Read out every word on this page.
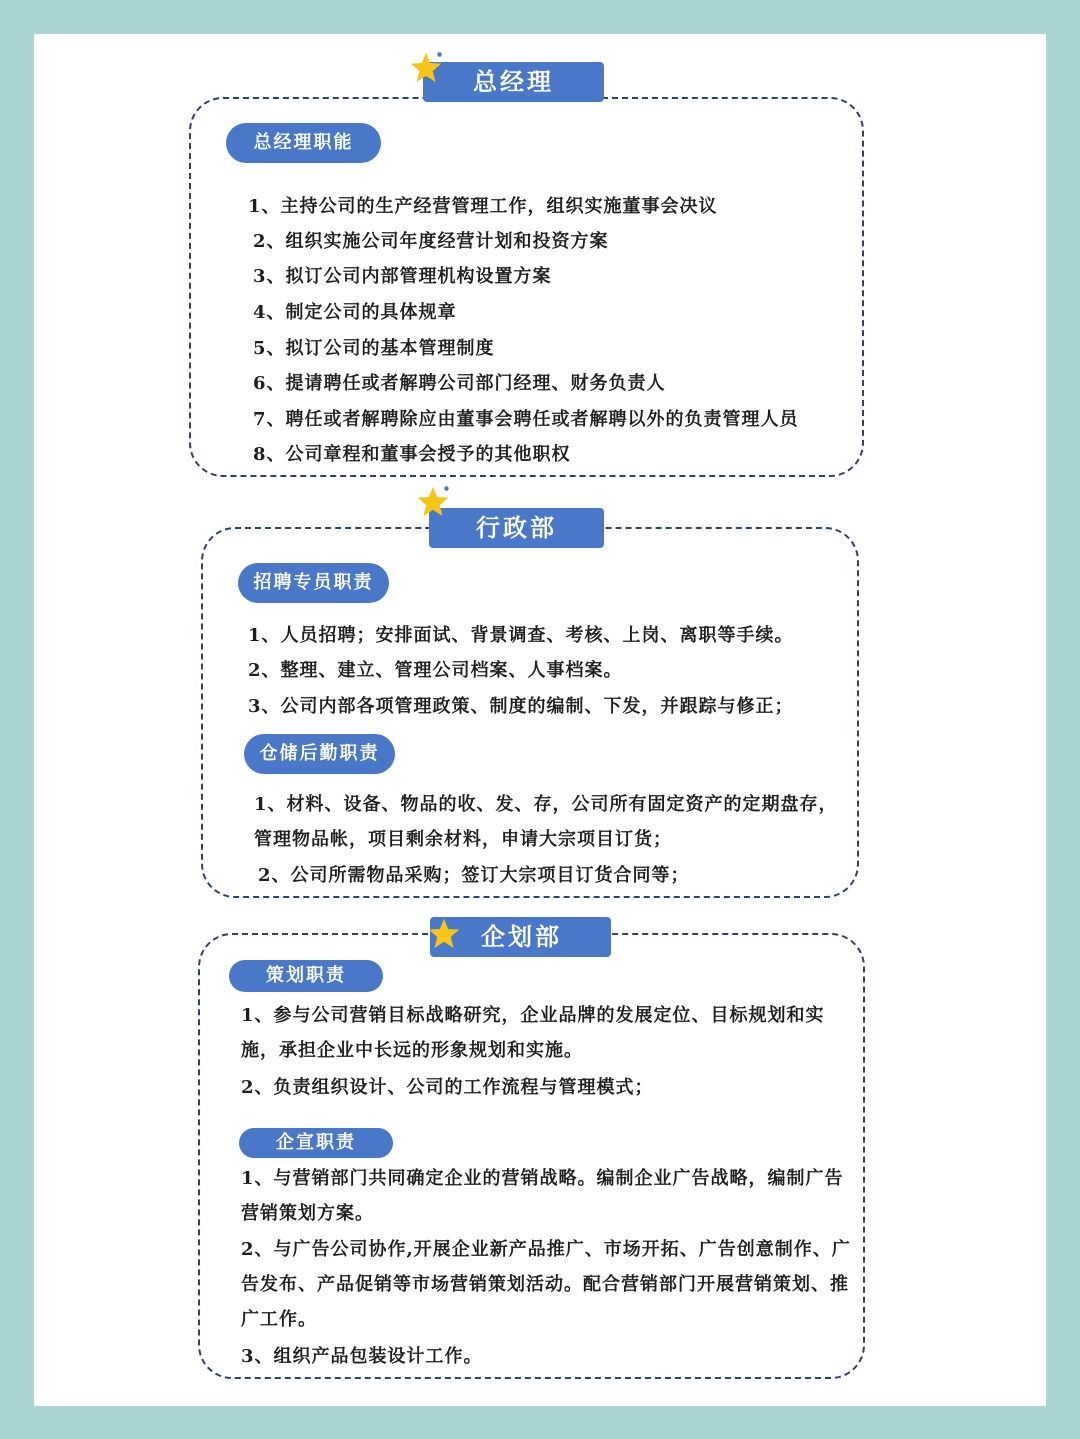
总经理
总经理职能
1、主持公司的生产经营管理工作，组织实施董事会决议
2、组织实施公司年度经营计划和投资方案
3、拟订公司内部管理机构设置方案
4、制定公司的具体规章
5、拟订公司的基本管理制度
6、提请聘任或者解聘公司部门经理、财务负责人
7、聘任或者解聘除应由董事会聘任或者解聘以外的负责管理人员
8、公司章程和董事会授予的其他职权
行政部
招聘专员职责
1、人员招聘；安排面试、背景调查、考核、上岗、离职等手续。
2、整理、建立、管理公司档案、人事档案。
3、公司内部各项管理政策、制度的编制、下发，并跟踪与修正；
仓储后勤职责
1、材料、设备、物品的收、发、存，公司所有固定资产的定期盘存，管理物品帐，项目剩余材料，申请大宗项目订货；
2、公司所需物品采购；签订大宗项目订货合同等；
企划部
策划职责
1、参与公司营销目标战略研究，企业品牌的发展定位、目标规划和实施，承担企业中长远的形象规划和实施。
2、负责组织设计、公司的工作流程与管理模式；
企宣职责
1、与营销部门共同确定企业的营销战略。编制企业广告战略，编制广告营销策划方案。
2、与广告公司协作,开展企业新产品推广、市场开拓、广告创意制作、广告发布、产品促销等市场营销策划活动。配合营销部门开展营销策划、推广工作。
3、组织产品包装设计工作。
